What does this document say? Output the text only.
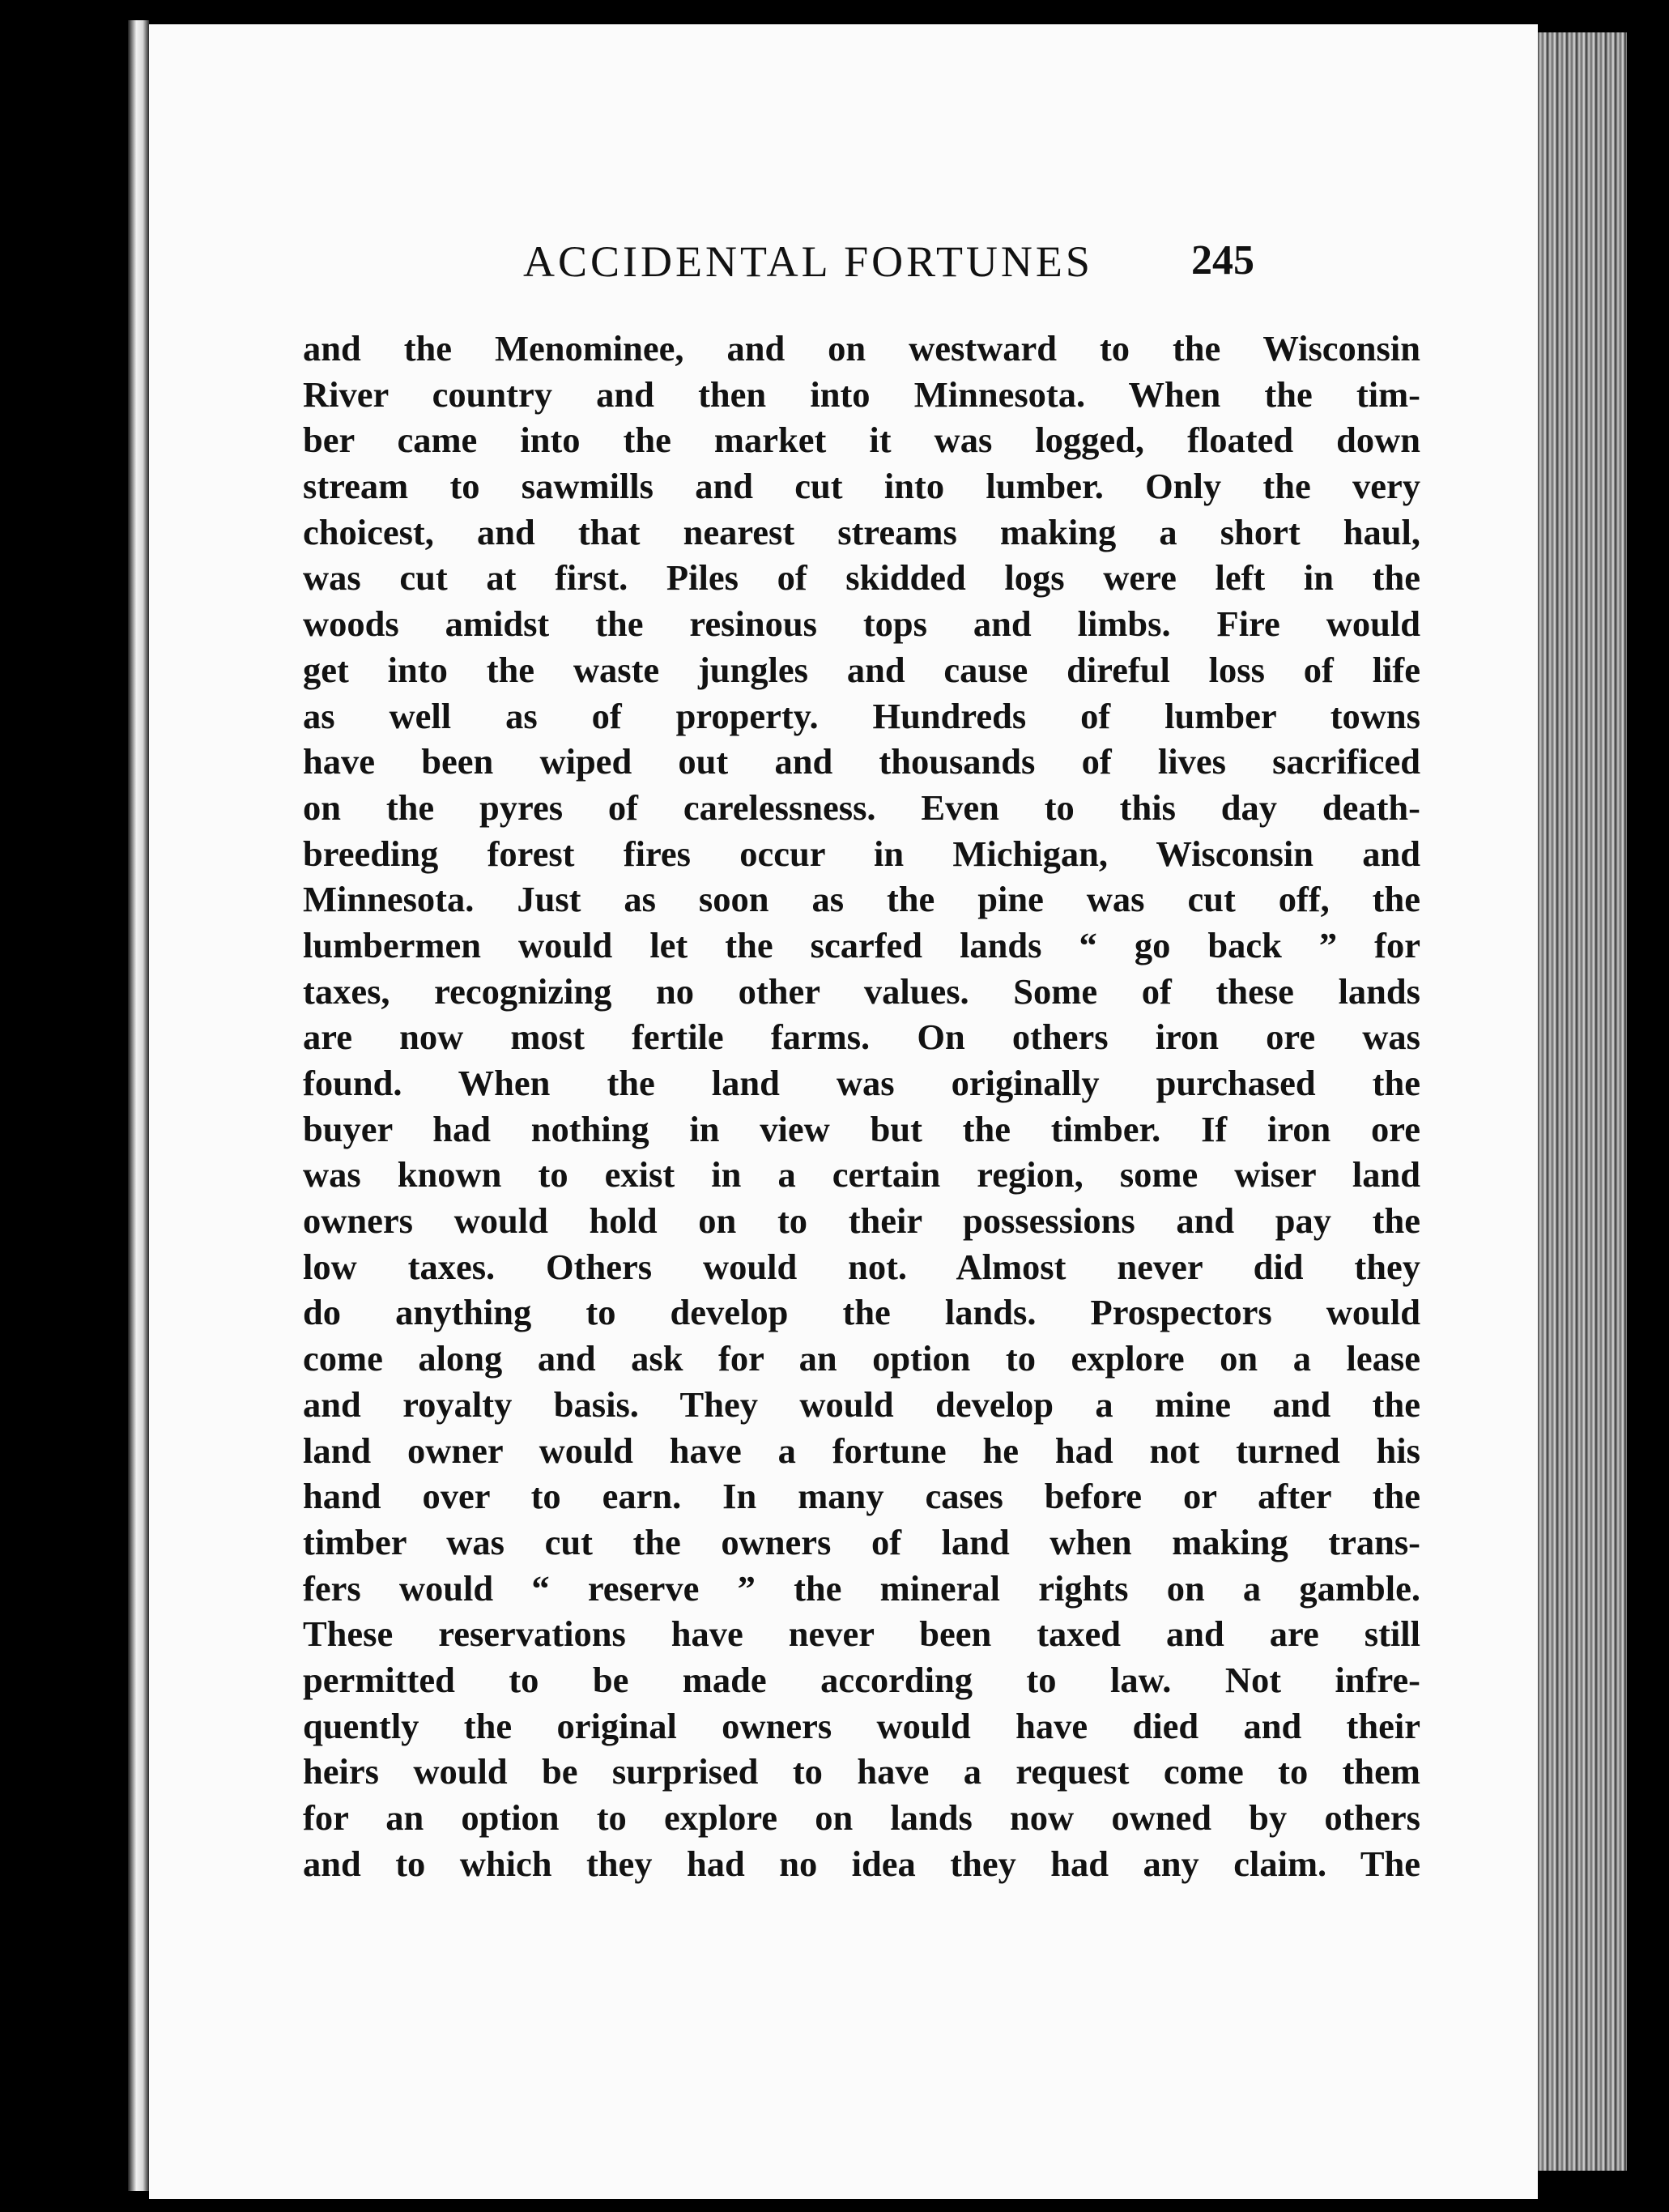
ACCIDENTAL FORTUNES 245
and the Menominee, and on westward to the Wisconsin
River country and then into Minnesota. When the tim-
ber came into the market it was logged, floated down
stream to sawmills and cut into lumber. Only the very
choicest, and that nearest streams making a short haul,
was cut at first. Piles of skidded logs were left in the
woods amidst the resinous tops and limbs. Fire would
get into the waste jungles and cause direful loss of life
as well as of property. Hundreds of lumber towns
have been wiped out and thousands of lives sacrificed
on the pyres of carelessness. Even to this day death-
breeding forest fires occur in Michigan, Wisconsin and
Minnesota. Just as soon as the pine was cut off, the
lumbermen would let the scarfed lands “ go back ” for
taxes, recognizing no other values. Some of these lands
are now most fertile farms. On others iron ore was
found. When the land was originally purchased the
buyer had nothing in view but the timber. If iron ore
was known to exist in a certain region, some wiser land
owners would hold on to their possessions and pay the
low taxes. Others would not. Almost never did they
do anything to develop the lands. Prospectors would
come along and ask for an option to explore on a lease
and royalty basis. They would develop a mine and the
land owner would have a fortune he had not turned his
hand over to earn. In many cases before or after the
timber was cut the owners of land when making trans-
fers would “ reserve ” the mineral rights on a gamble.
These reservations have never been taxed and are still
permitted to be made according to law. Not infre-
quently the original owners would have died and their
heirs would be surprised to have a request come to them
for an option to explore on lands now owned by others
and to which they had no idea they had any claim. The
